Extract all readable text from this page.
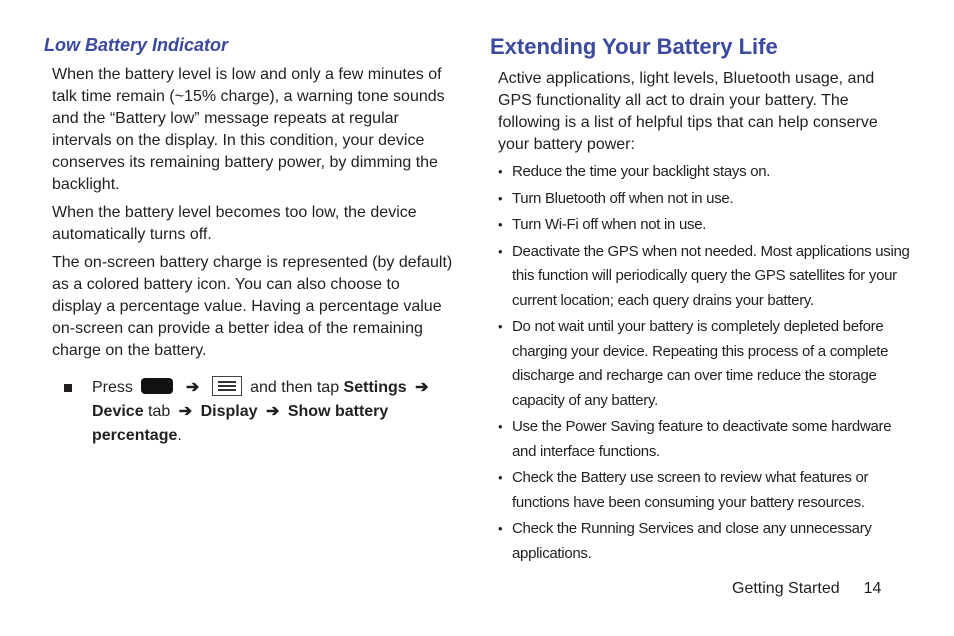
Low Battery Indicator

When the battery level is low and only a few minutes of talk time remain (~15% charge), a warning tone sounds and the “Battery low” message repeats at regular intervals on the display. In this condition, your device conserves its remaining battery power, by dimming the backlight.

When the battery level becomes too low, the device automatically turns off.

The on-screen battery charge is represented (by default) as a colored battery icon. You can also choose to display a percentage value. Having a percentage value on-screen can provide a better idea of the remaining charge on the battery.

Press	➔	and then tap Settings ➔
Device tab ➔ Display ➔ Show battery percentage.
Extending Your Battery Life

Active applications, light levels, Bluetooth usage, and GPS functionality all act to drain your battery. The following is a list of helpful tips that can help conserve your battery power:

• Reduce the time your backlight stays on.
• Turn Bluetooth off when not in use.
• Turn Wi-Fi off when not in use.
• Deactivate the GPS when not needed. Most applications using this function will periodically query the GPS satellites for your current location; each query drains your battery.
• Do not wait until your battery is completely depleted before charging your device. Repeating this process of a complete discharge and recharge can over time reduce the storage capacity of any battery.
• Use the Power Saving feature to deactivate some hardware and interface functions.
• Check the Battery use screen to review what features or functions have been consuming your battery resources.
• Check the Running Services and close any unnecessary applications.
Getting Started 14
